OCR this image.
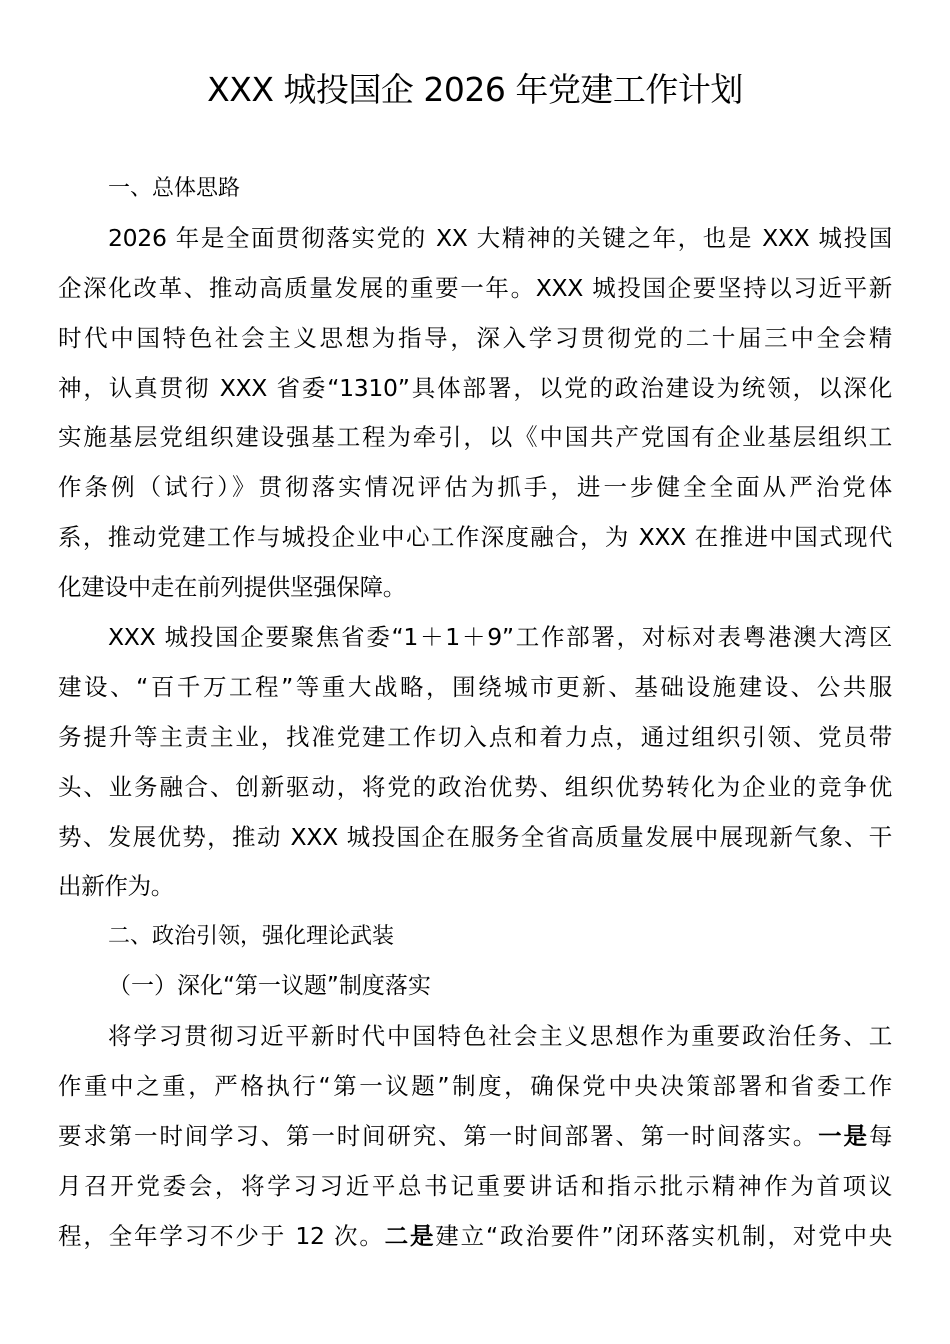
XXX 城投国企 2026 年党建工作计划
一、总体思路
2026 年是全面贯彻落实党的 XX 大精神的关键之年，也是 XXX 城投国
企深化改革、推动高质量发展的重要一年。XXX 城投国企要坚持以习近平新
时代中国特色社会主义思想为指导，深入学习贯彻党的二十届三中全会精
神，认真贯彻 XXX 省委“1310”具体部署，以党的政治建设为统领，以深化
实施基层党组织建设强基工程为牵引，以《中国共产党国有企业基层组织工
作条例（试行）》贯彻落实情况评估为抓手，进一步健全全面从严治党体
系，推动党建工作与城投企业中心工作深度融合，为 XXX 在推进中国式现代
化建设中走在前列提供坚强保障。
XXX 城投国企要聚焦省委“1＋1＋9”工作部署，对标对表粤港澳大湾区
建设、“百千万工程”等重大战略，围绕城市更新、基础设施建设、公共服
务提升等主责主业，找准党建工作切入点和着力点，通过组织引领、党员带
头、业务融合、创新驱动，将党的政治优势、组织优势转化为企业的竞争优
势、发展优势，推动 XXX 城投国企在服务全省高质量发展中展现新气象、干
出新作为。
二、政治引领，强化理论武装
（一）深化“第一议题”制度落实
将学习贯彻习近平新时代中国特色社会主义思想作为重要政治任务、工
作重中之重，严格执行“第一议题”制度，确保党中央决策部署和省委工作
要求第一时间学习、第一时间研究、第一时间部署、第一时间落实。一是每
月召开党委会，将学习习近平总书记重要讲话和指示批示精神作为首项议
程，全年学习不少于 12 次。二是建立“政治要件”闭环落实机制，对党中央
